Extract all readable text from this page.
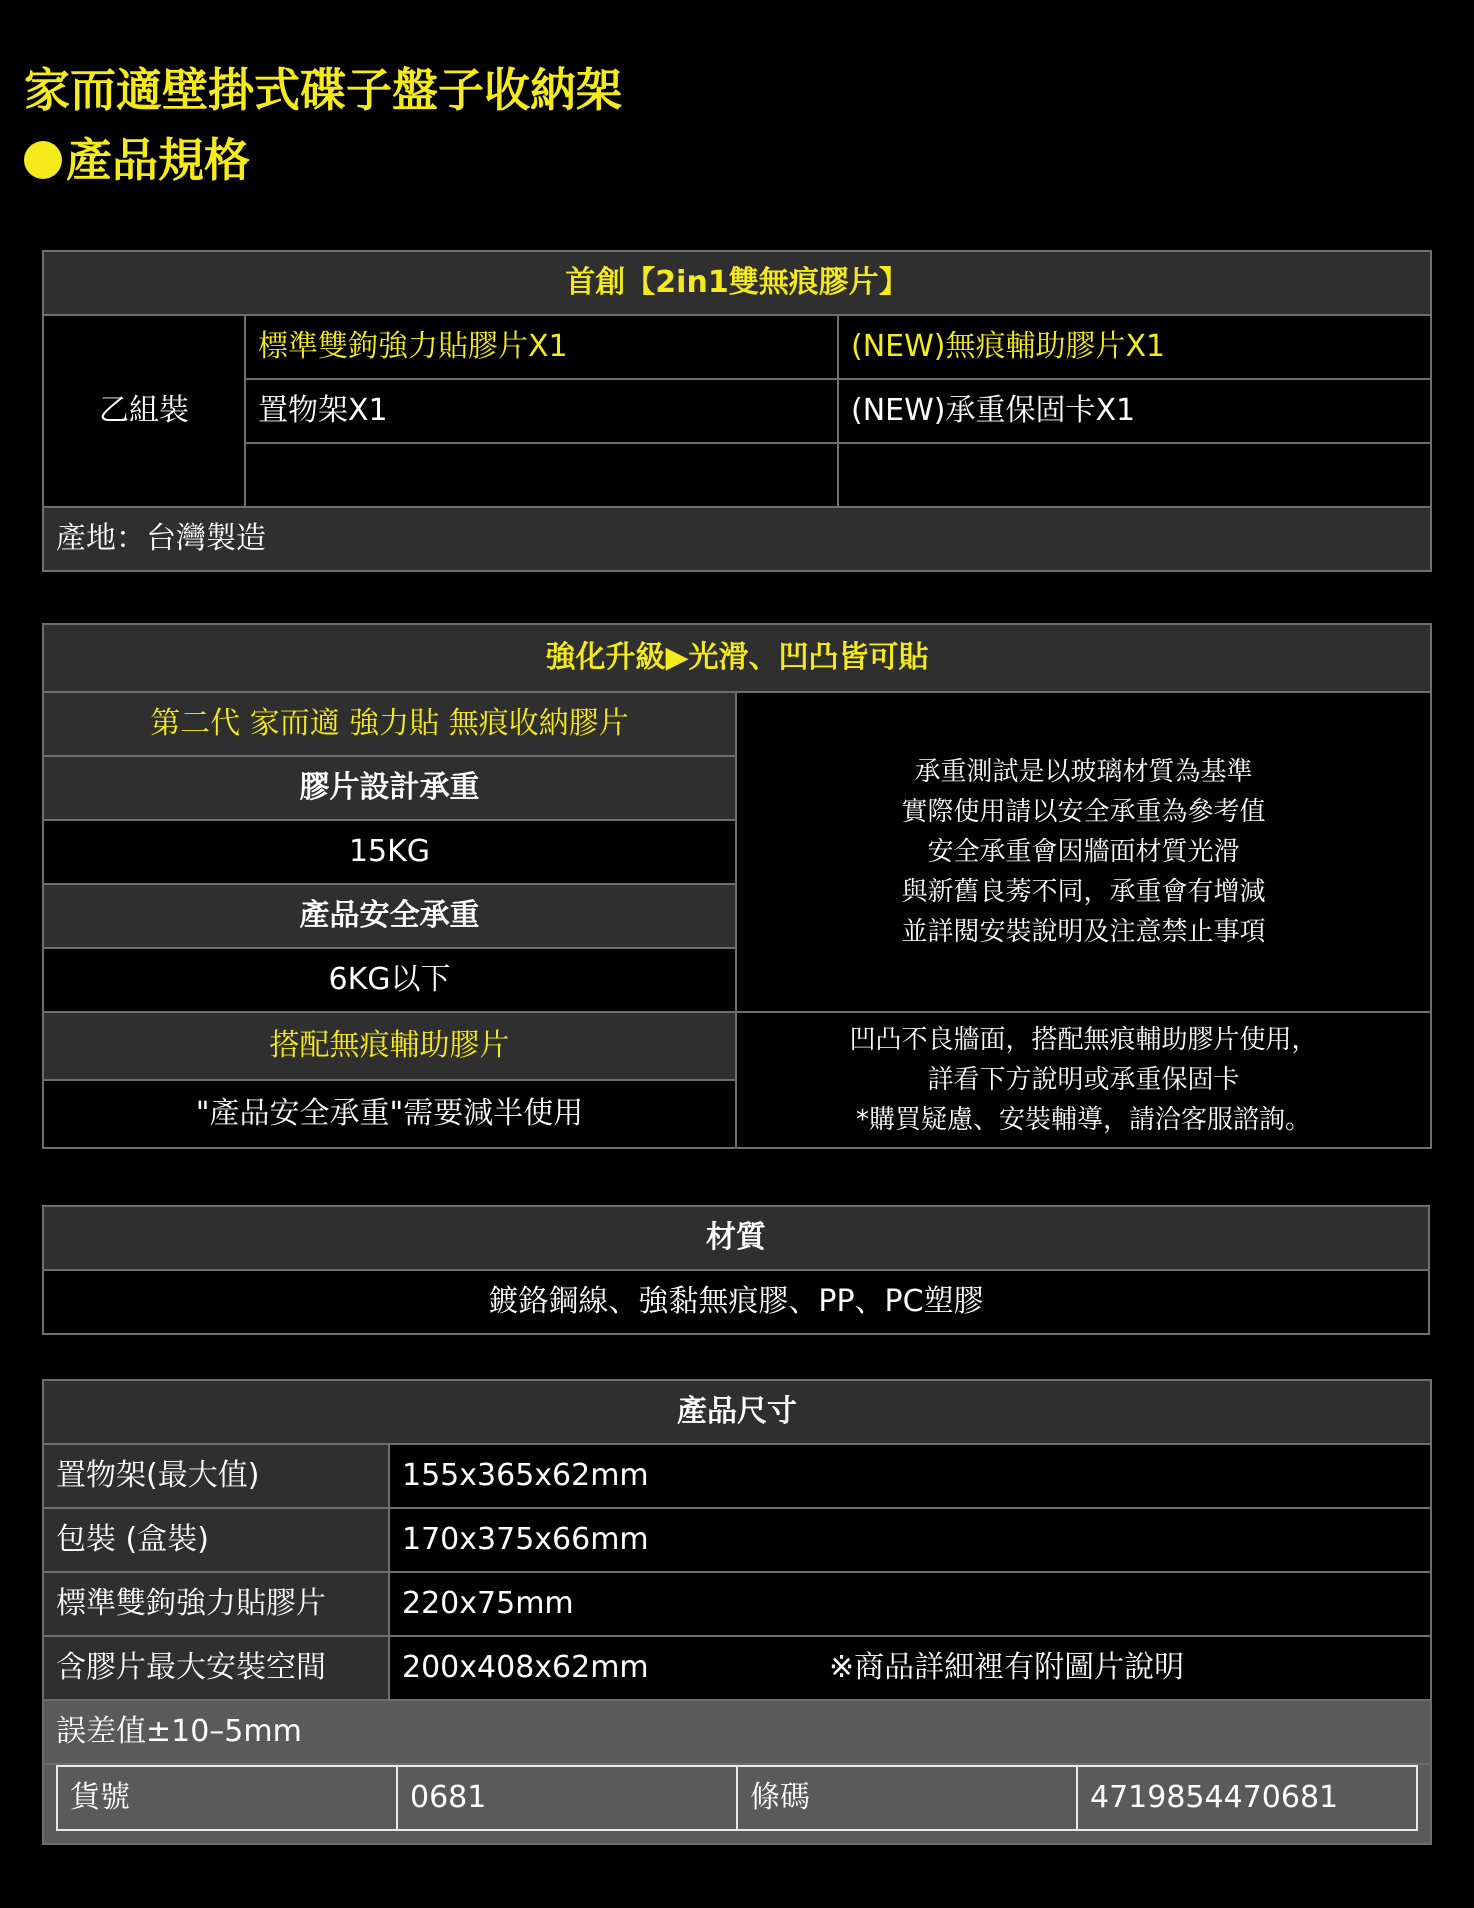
家而適壁掛式碟子盤子收納架
產品規格
首創【2in1雙無痕膠片】		
乙組裝	標準雙鉤強力貼膠片X1	(NEW)無痕輔助膠片X1
	置物架X1	(NEW)承重保固卡X1

產地：台灣製造		
強化升級▶光滑、凹凸皆可貼	
第二代 家而適 強力貼 無痕收納膠片	承重測試是以玻璃材質為基準
實際使用請以安全承重為參考值
安全承重會因牆面材質光滑
與新舊良莠不同，承重會有增減
並詳閱安裝說明及注意禁止事項

膠片設計承重	
15KG	
產品安全承重	
6KG以下	
搭配無痕輔助膠片	凹凸不良牆面，搭配無痕輔助膠片使用，
詳看下方說明或承重保固卡
*購買疑慮、安裝輔導，請洽客服諮詢。

"產品安全承重"需要減半使用	
材質
鍍鉻鋼線、強黏無痕膠、PP、PC塑膠
產品尺寸
置物架(最大值)	155x365x62mm
包裝 (盒裝)	170x375x66mm
標準雙鉤強力貼膠片	220x75mm
含膠片最大安裝空間	200x408x62mm	※商品詳細裡有附圖片說明
誤差值±10–5mm

貨號	0681	條碼	4719854470681
